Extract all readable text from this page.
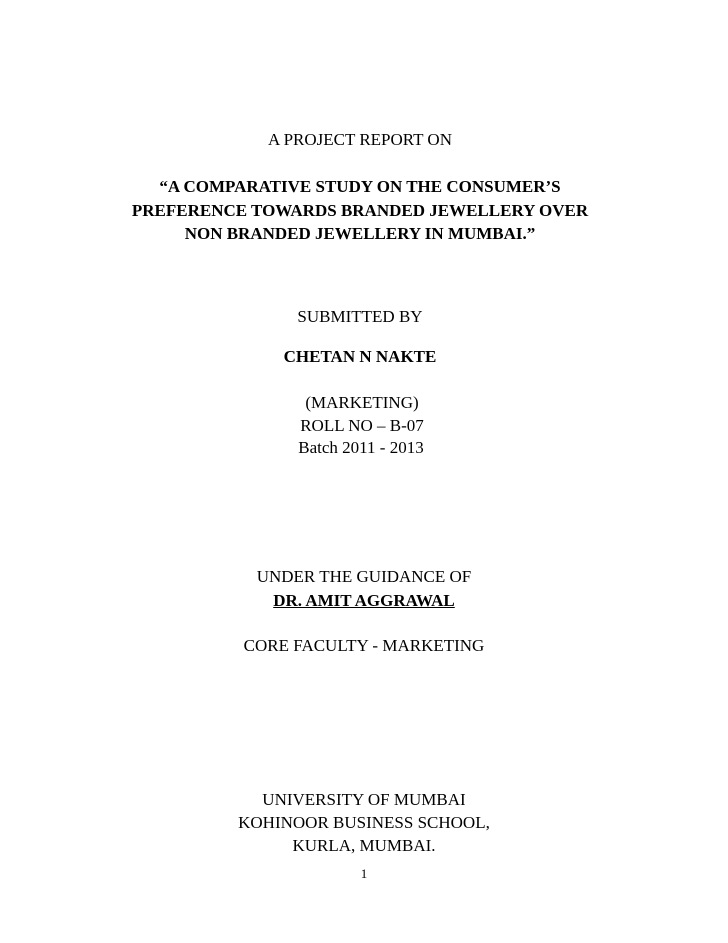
A PROJECT REPORT ON
“A COMPARATIVE STUDY ON THE CONSUMER’S
PREFERENCE TOWARDS BRANDED JEWELLERY OVER
NON BRANDED JEWELLERY IN MUMBAI.”
SUBMITTED BY
CHETAN N NAKTE
(MARKETING)
ROLL NO – B-07
Batch 2011 - 2013
UNDER THE GUIDANCE OF
DR. AMIT AGGRAWAL
CORE FACULTY - MARKETING
UNIVERSITY OF MUMBAI
KOHINOOR BUSINESS SCHOOL,
KURLA, MUMBAI.
1
